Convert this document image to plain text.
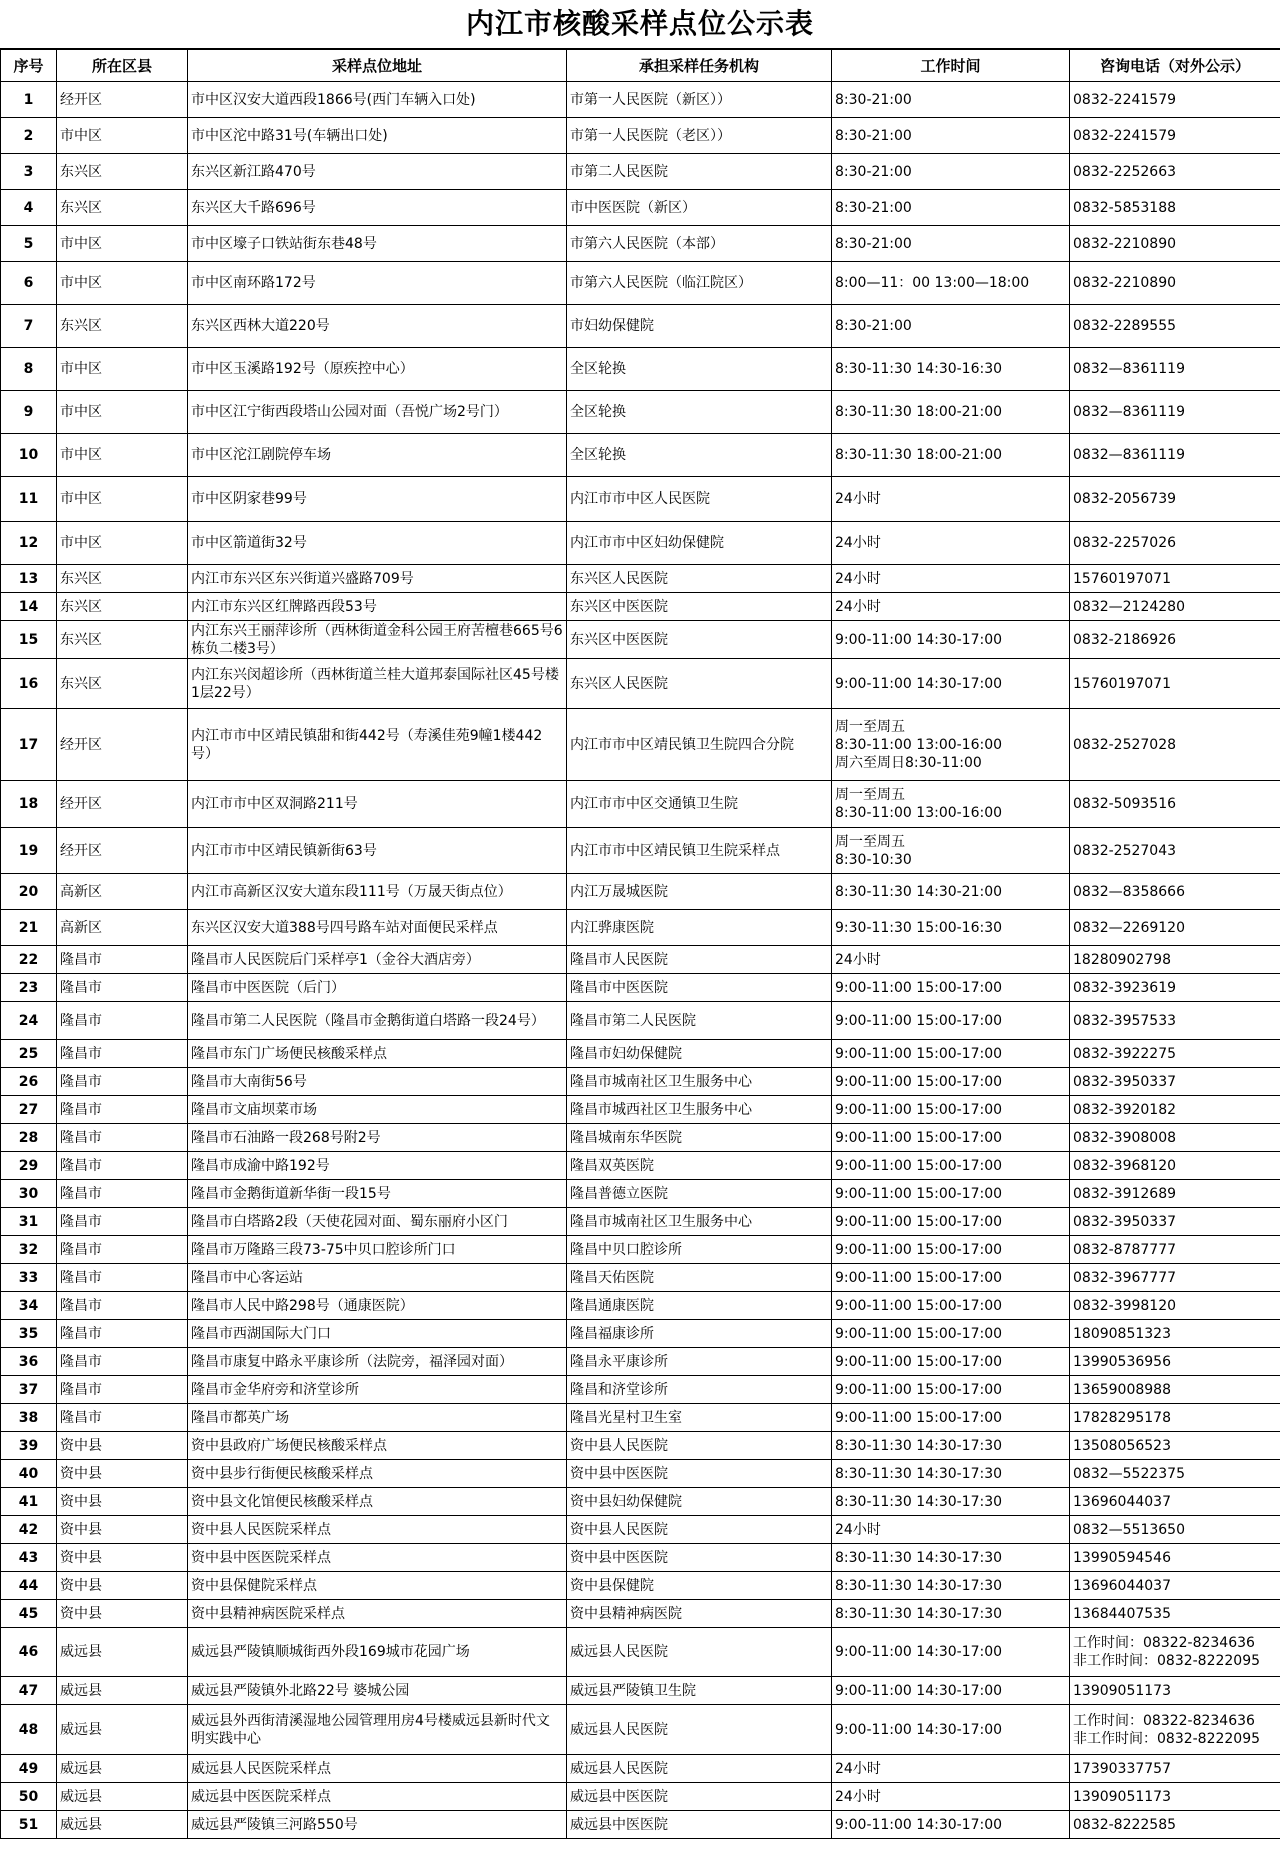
内江市核酸采样点位公示表
序号	所在区县	采样点位地址	承担采样任务机构	工作时间	咨询电话（对外公示）
1	经开区	市中区汉安大道西段1866号(西门车辆入口处)	市第一人民医院（新区））	8:30-21:00	0832-2241579
2	市中区	市中区沱中路31号(车辆出口处)	市第一人民医院（老区））	8:30-21:00	0832-2241579
3	东兴区	东兴区新江路470号	市第二人民医院	8:30-21:00	0832-2252663
4	东兴区	东兴区大千路696号	市中医医院（新区）	8:30-21:00	0832-5853188
5	市中区	市中区壕子口铁站街东巷48号	市第六人民医院（本部）	8:30-21:00	0832-2210890
6	市中区	市中区南环路172号	市第六人民医院（临江院区）	8:00—11：00 13:00—18:00	0832-2210890
7	东兴区	东兴区西林大道220号	市妇幼保健院	8:30-21:00	0832-2289555
8	市中区	市中区玉溪路192号（原疾控中心）	全区轮换	8:30-11:30 14:30-16:30	0832—8361119
9	市中区	市中区江宁街西段塔山公园对面（吾悦广场2号门）	全区轮换	8:30-11:30 18:00-21:00	0832—8361119
10	市中区	市中区沱江剧院停车场	全区轮换	8:30-11:30 18:00-21:00	0832—8361119
11	市中区	市中区阴家巷99号	内江市市中区人民医院	24小时	0832-2056739
12	市中区	市中区箭道街32号	内江市市中区妇幼保健院	24小时	0832-2257026
13	东兴区	内江市东兴区东兴街道兴盛路709号	东兴区人民医院	24小时	15760197071
14	东兴区	内江市东兴区红牌路西段53号	东兴区中医医院	24小时	0832—2124280
15	东兴区	内江东兴王丽萍诊所（西林街道金科公园王府苦檀巷665号6栋负二楼3号）	东兴区中医医院	9:00-11:00 14:30-17:00	0832-2186926
16	东兴区	内江东兴闵超诊所（西林街道兰桂大道邦泰国际社区45号楼1层22号）	东兴区人民医院	9:00-11:00 14:30-17:00	15760197071
17	经开区	内江市市中区靖民镇甜和街442号（寿溪佳苑9幢1楼442号）	内江市市中区靖民镇卫生院四合分院	周一至周五
8:30-11:00 13:00-16:00
周六至周日8:30-11:00	0832-2527028
18	经开区	内江市市中区双洞路211号	内江市市中区交通镇卫生院	周一至周五
8:30-11:00 13:00-16:00	0832-5093516
19	经开区	内江市市中区靖民镇新街63号	内江市市中区靖民镇卫生院采样点	周一至周五
8:30-10:30	0832-2527043
20	高新区	内江市高新区汉安大道东段111号（万晟天街点位）	内江万晟城医院	8:30-11:30 14:30-21:00	0832—8358666
21	高新区	东兴区汉安大道388号四号路车站对面便民采样点	内江骅康医院	9:30-11:30 15:00-16:30	0832—2269120
22	隆昌市	隆昌市人民医院后门采样亭1（金谷大酒店旁）	隆昌市人民医院	24小时	18280902798
23	隆昌市	隆昌市中医医院（后门）	隆昌市中医医院	9:00-11:00 15:00-17:00	0832-3923619
24	隆昌市	隆昌市第二人民医院（隆昌市金鹅街道白塔路一段24号）	隆昌市第二人民医院	9:00-11:00 15:00-17:00	0832-3957533
25	隆昌市	隆昌市东门广场便民核酸采样点	隆昌市妇幼保健院	9:00-11:00 15:00-17:00	0832-3922275
26	隆昌市	隆昌市大南街56号	隆昌市城南社区卫生服务中心	9:00-11:00 15:00-17:00	0832-3950337
27	隆昌市	隆昌市文庙坝菜市场	隆昌市城西社区卫生服务中心	9:00-11:00 15:00-17:00	0832-3920182
28	隆昌市	隆昌市石油路一段268号附2号	隆昌城南东华医院	9:00-11:00 15:00-17:00	0832-3908008
29	隆昌市	隆昌市成渝中路192号	隆昌双英医院	9:00-11:00 15:00-17:00	0832-3968120
30	隆昌市	隆昌市金鹅街道新华街一段15号	隆昌普德立医院	9:00-11:00 15:00-17:00	0832-3912689
31	隆昌市	隆昌市白塔路2段（天使花园对面、蜀东丽府小区门	隆昌市城南社区卫生服务中心	9:00-11:00 15:00-17:00	0832-3950337
32	隆昌市	隆昌市万隆路三段73-75中贝口腔诊所门口	隆昌中贝口腔诊所	9:00-11:00 15:00-17:00	0832-8787777
33	隆昌市	隆昌市中心客运站	隆昌天佑医院	9:00-11:00 15:00-17:00	0832-3967777
34	隆昌市	隆昌市人民中路298号（通康医院）	隆昌通康医院	9:00-11:00 15:00-17:00	0832-3998120
35	隆昌市	隆昌市西湖国际大门口	隆昌福康诊所	9:00-11:00 15:00-17:00	18090851323
36	隆昌市	隆昌市康复中路永平康诊所（法院旁，福泽园对面）	隆昌永平康诊所	9:00-11:00 15:00-17:00	13990536956
37	隆昌市	隆昌市金华府旁和济堂诊所	隆昌和济堂诊所	9:00-11:00 15:00-17:00	13659008988
38	隆昌市	隆昌市都英广场	隆昌光星村卫生室	9:00-11:00 15:00-17:00	17828295178
39	资中县	资中县政府广场便民核酸采样点	资中县人民医院	8:30-11:30 14:30-17:30	13508056523
40	资中县	资中县步行街便民核酸采样点	资中县中医医院	8:30-11:30 14:30-17:30	0832—5522375
41	资中县	资中县文化馆便民核酸采样点	资中县妇幼保健院	8:30-11:30 14:30-17:30	13696044037
42	资中县	资中县人民医院采样点	资中县人民医院	24小时	0832—5513650
43	资中县	资中县中医医院采样点	资中县中医医院	8:30-11:30 14:30-17:30	13990594546
44	资中县	资中县保健院采样点	资中县保健院	8:30-11:30 14:30-17:30	13696044037
45	资中县	资中县精神病医院采样点	资中县精神病医院	8:30-11:30 14:30-17:30	13684407535
46	威远县	威远县严陵镇顺城街西外段169城市花园广场	威远县人民医院	9:00-11:00 14:30-17:00	工作时间：08322-8234636
非工作时间：0832-8222095
47	威远县	威远县严陵镇外北路22号 婆城公园	威远县严陵镇卫生院	9:00-11:00 14:30-17:00	13909051173
48	威远县	威远县外西街清溪湿地公园管理用房4号楼威远县新时代文明实践中心	威远县人民医院	9:00-11:00 14:30-17:00	工作时间：08322-8234636
非工作时间：0832-8222095
49	威远县	威远县人民医院采样点	威远县人民医院	24小时	17390337757
50	威远县	威远县中医医院采样点	威远县中医医院	24小时	13909051173
51	威远县	威远县严陵镇三河路550号	威远县中医医院	9:00-11:00 14:30-17:00	0832-8222585
